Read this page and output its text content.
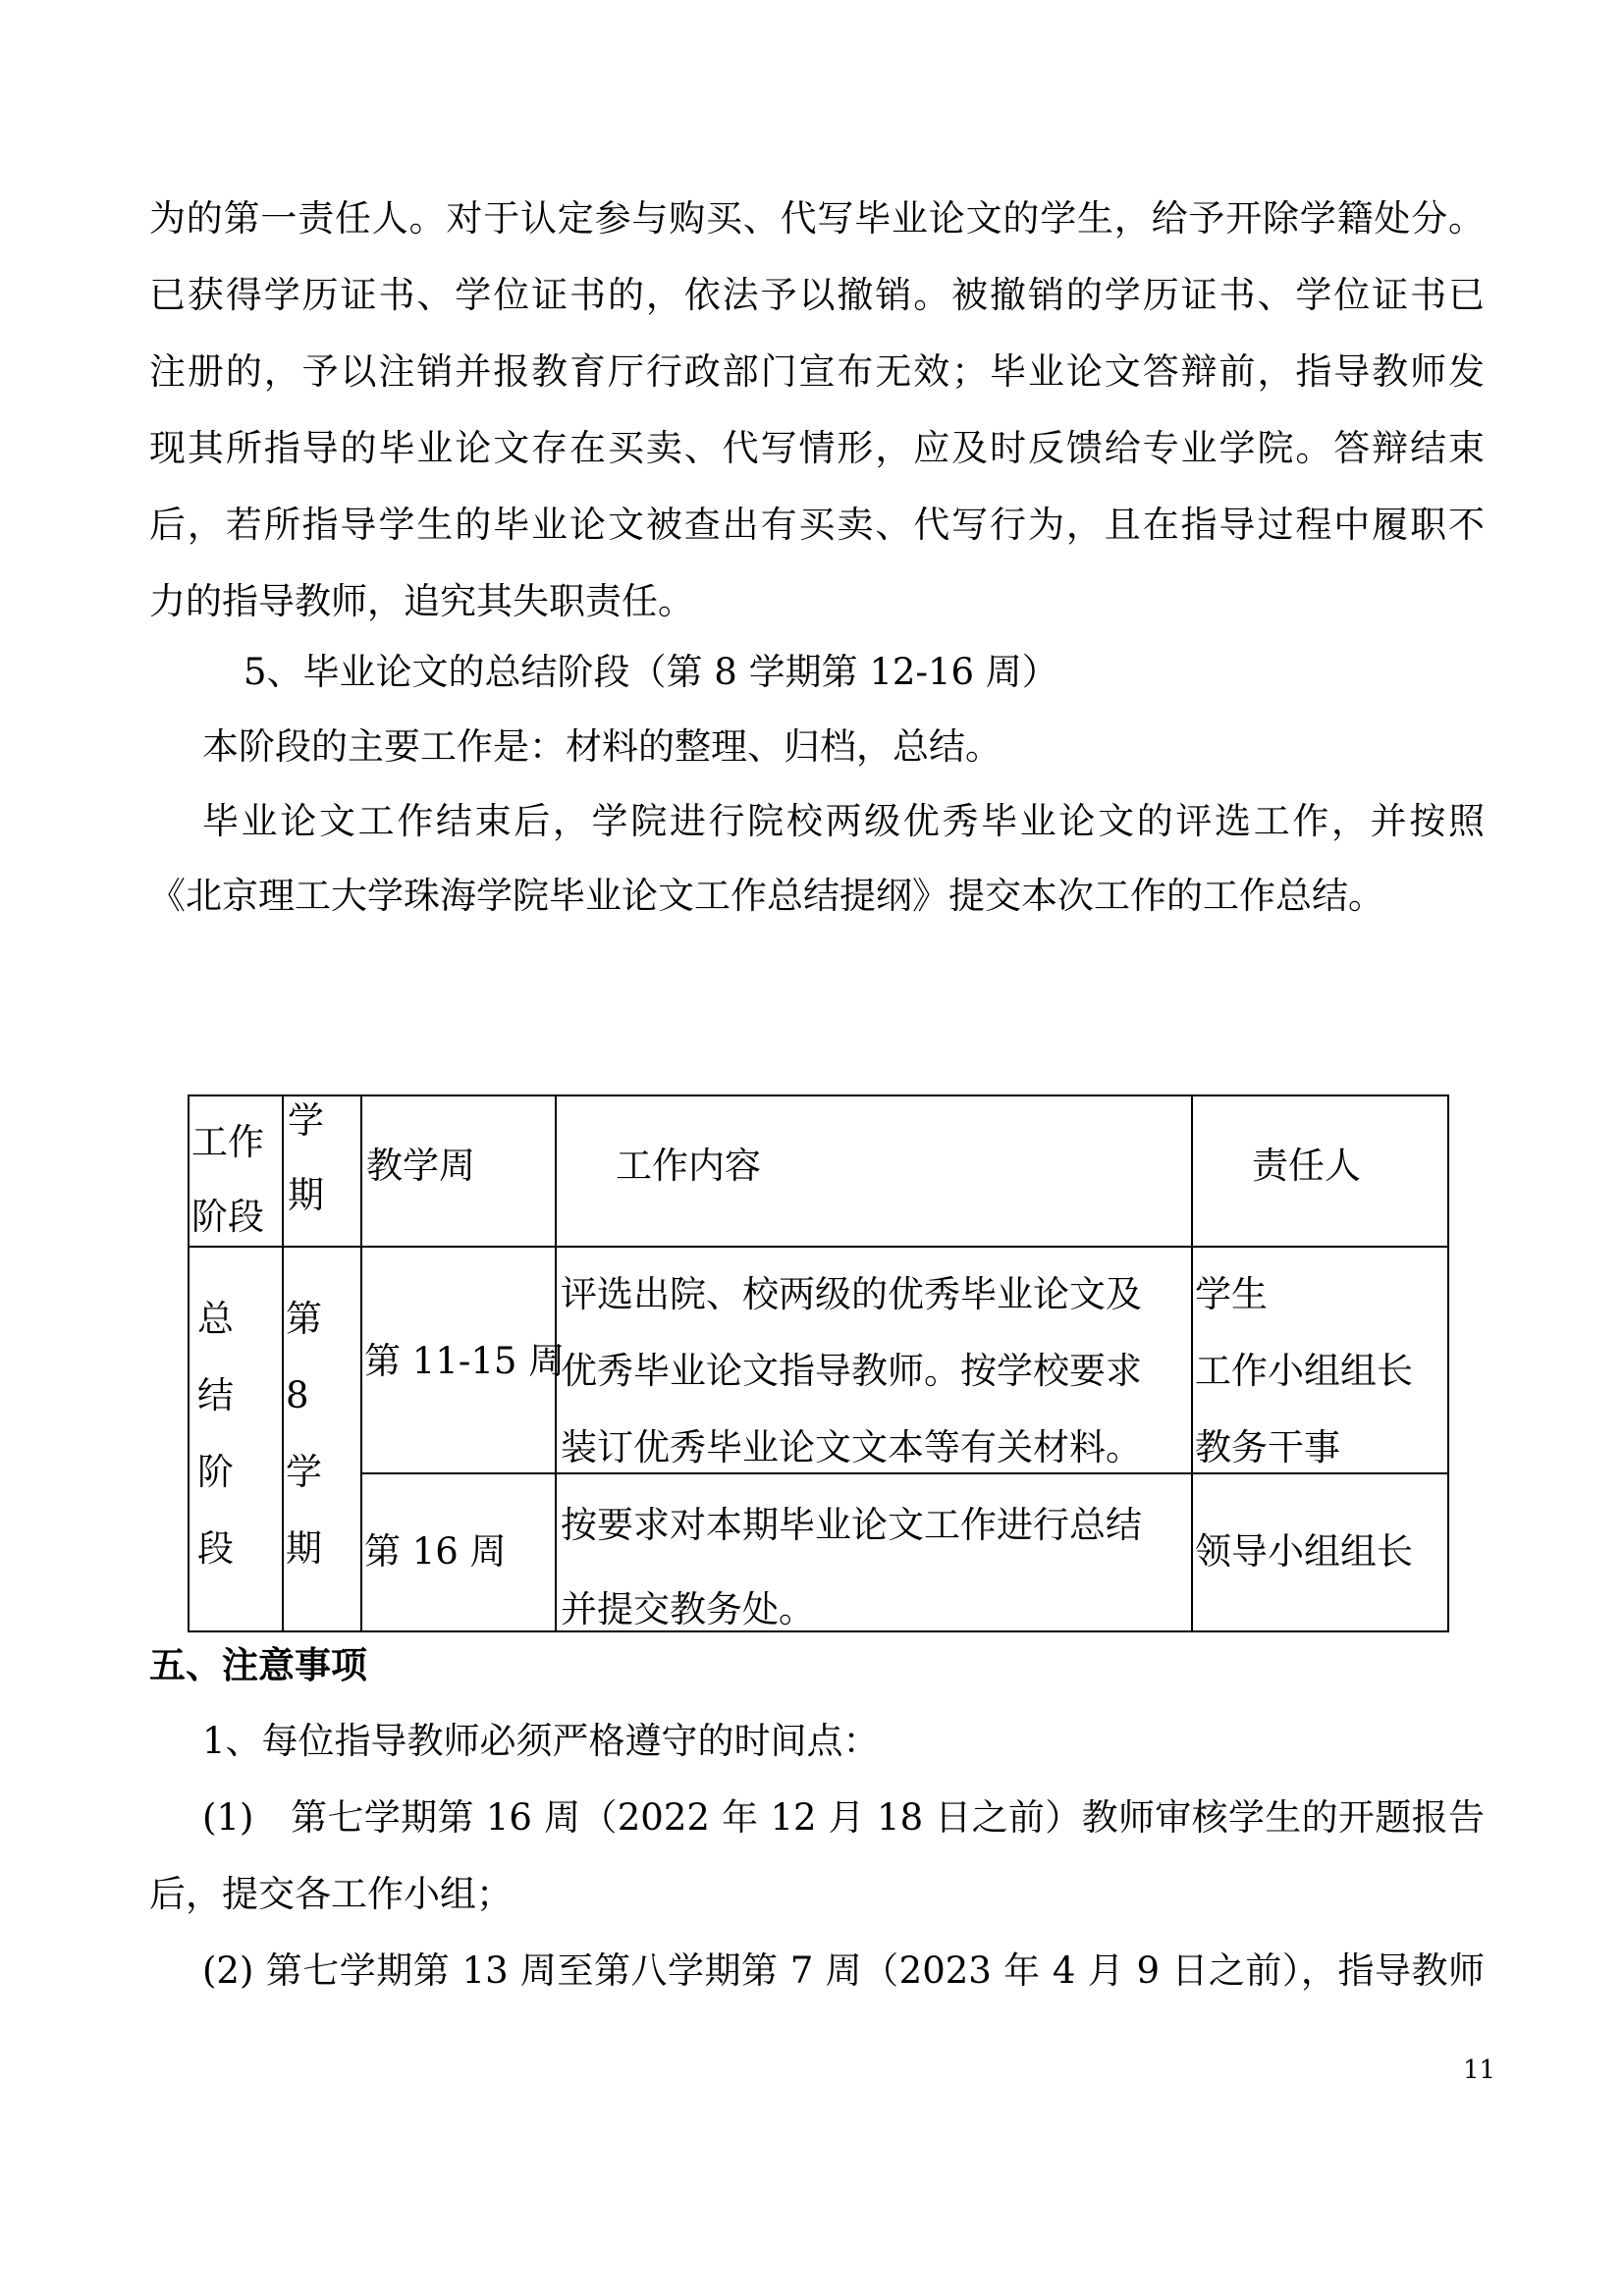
为的第一责任人。对于认定参与购买、代写毕业论文的学生，给予开除学籍处分。
已获得学历证书、学位证书的，依法予以撤销。被撤销的学历证书、学位证书已
注册的，予以注销并报教育厅行政部门宣布无效；毕业论文答辩前，指导教师发
现其所指导的毕业论文存在买卖、代写情形，应及时反馈给专业学院。答辩结束
后，若所指导学生的毕业论文被查出有买卖、代写行为，且在指导过程中履职不
力的指导教师，追究其失职责任。
5、毕业论文的总结阶段（第 8 学期第 12-16 周）
本阶段的主要工作是：材料的整理、归档，总结。
毕业论文工作结束后，学院进行院校两级优秀毕业论文的评选工作，并按照
《北京理工大学珠海学院毕业论文工作总结提纲》提交本次工作的工作总结。
工作
阶段
学
期
教学周	工作内容	责任人
总
结
阶
段
第
8
学
期
第 11-15 周
评选出院、校两级的优秀毕业论文及
优秀毕业论文指导教师。按学校要求
装订优秀毕业论文文本等有关材料。
学生
工作小组组长
教务干事
第 16 周
按要求对本期毕业论文工作进行总结
并提交教务处。
领导小组组长
五、注意事项
1、每位指导教师必须严格遵守的时间点：
(1)　第七学期第 16 周（2022 年 12 月 18 日之前）教师审核学生的开题报告
后，提交各工作小组；
(2) 第七学期第 13 周至第八学期第 7 周（2023 年 4 月 9 日之前），指导教师
11
